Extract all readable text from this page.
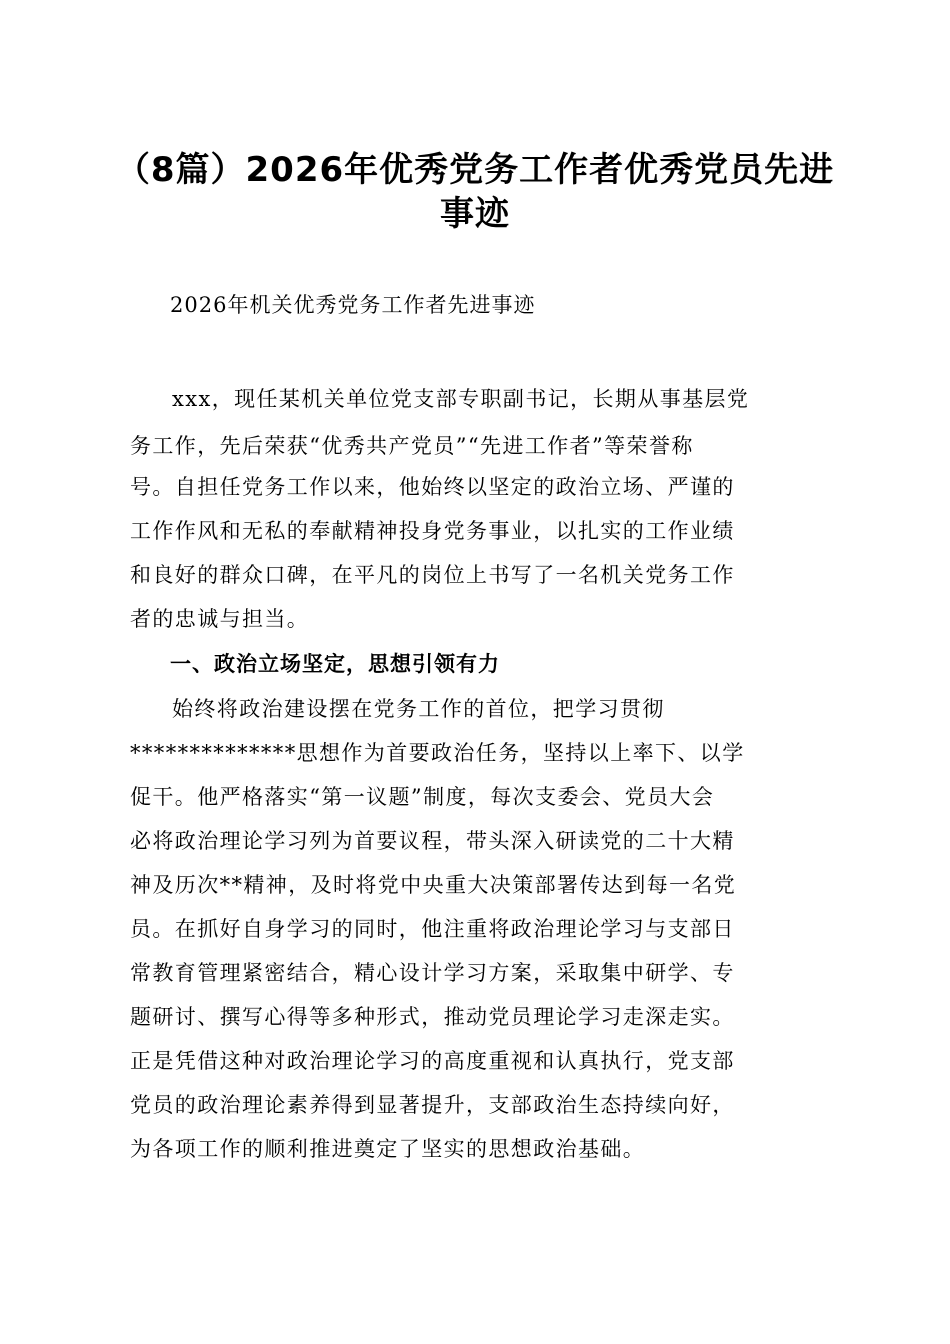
（8篇）2026年优秀党务工作者优秀党员先进
事迹
2026年机关优秀党务工作者先进事迹
xxx，现任某机关单位党支部专职副书记，长期从事基层党
务工作，先后荣获“优秀共产党员”“先进工作者”等荣誉称
号。自担任党务工作以来，他始终以坚定的政治立场、严谨的
工作作风和无私的奉献精神投身党务事业，以扎实的工作业绩
和良好的群众口碑，在平凡的岗位上书写了一名机关党务工作
者的忠诚与担当。
一、政治立场坚定，思想引领有力
始终将政治建设摆在党务工作的首位，把学习贯彻
**************思想作为首要政治任务，坚持以上率下、以学
促干。他严格落实“第一议题”制度，每次支委会、党员大会
必将政治理论学习列为首要议程，带头深入研读党的二十大精
神及历次**精神，及时将党中央重大决策部署传达到每一名党
员。在抓好自身学习的同时，他注重将政治理论学习与支部日
常教育管理紧密结合，精心设计学习方案，采取集中研学、专
题研讨、撰写心得等多种形式，推动党员理论学习走深走实。
正是凭借这种对政治理论学习的高度重视和认真执行，党支部
党员的政治理论素养得到显著提升，支部政治生态持续向好，
为各项工作的顺利推进奠定了坚实的思想政治基础。
